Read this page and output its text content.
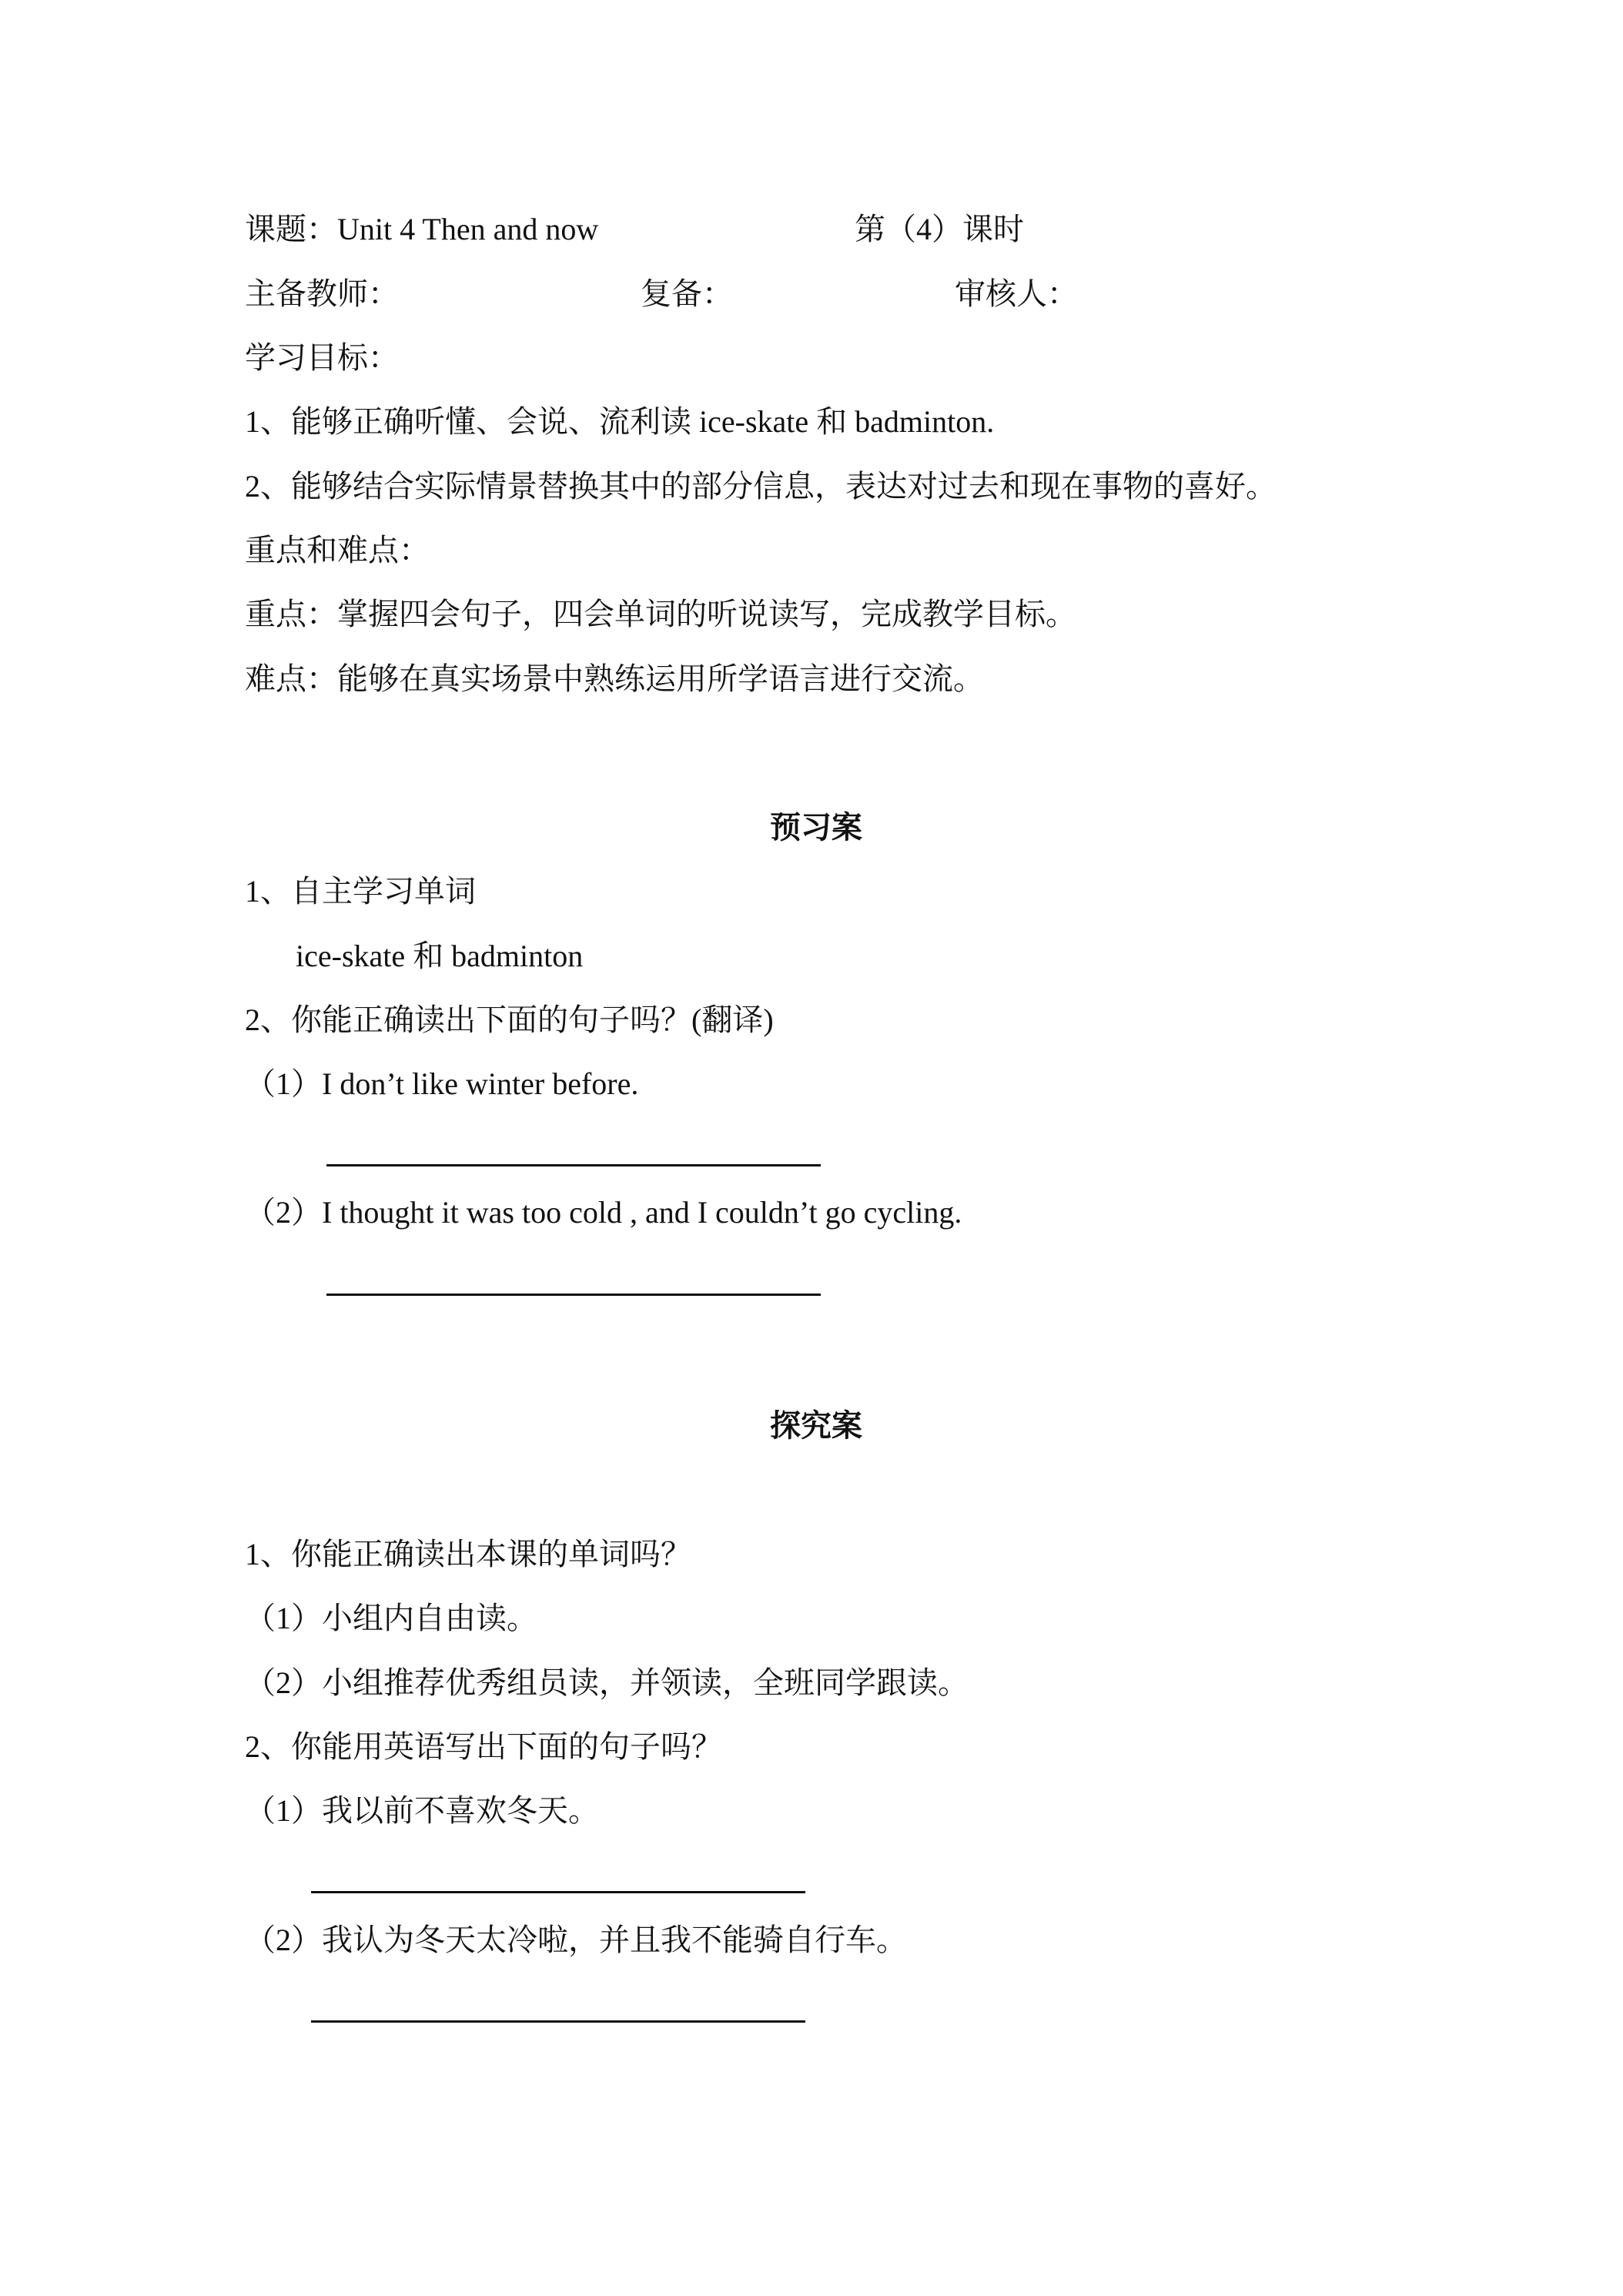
课题：Unit 4 Then and now	第（4）课时
主备教师：	复备：	审核人：
学习目标：
1、能够正确听懂、会说、流利读 ice-skate 和 badminton.
2、能够结合实际情景替换其中的部分信息，表达对过去和现在事物的喜好。
重点和难点：
重点：掌握四会句子，四会单词的听说读写，完成教学目标。
难点：能够在真实场景中熟练运用所学语言进行交流。
预习案
1、自主学习单词
ice-skate 和 badminton
2、你能正确读出下面的句子吗？(翻译)
（1）I don’t like winter before.
（2）I thought it was too cold , and I couldn’t go cycling.
探究案
1、你能正确读出本课的单词吗？
（1）小组内自由读。
（2）小组推荐优秀组员读，并领读，全班同学跟读。
2、你能用英语写出下面的句子吗？
（1）我以前不喜欢冬天。
（2）我认为冬天太冷啦，并且我不能骑自行车。
